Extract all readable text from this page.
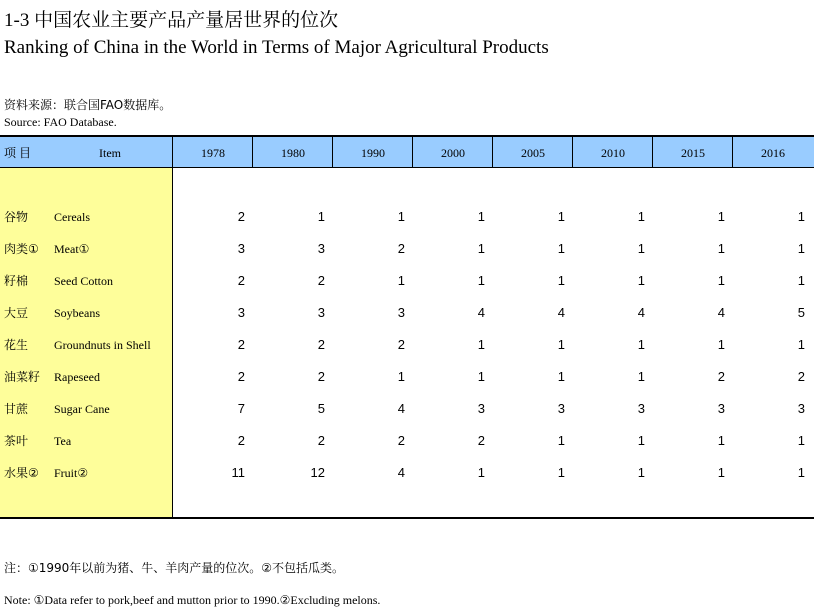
1-3 中国农业主要产品产量居世界的位次
Ranking of China in the World in Terms of Major Agricultural Products
资料来源：联合国FAO数据库。
Source: FAO Database.
项 目	Item	1978	1980	1990	2000	2005	2010	2015	2016
谷物 Cereals	2	1	1	1	1	1	1	1
肉类① Meat①	3	3	2	1	1	1	1	1
籽棉 Seed Cotton	2	2	1	1	1	1	1	1
大豆 Soybeans	3	3	3	4	4	4	4	5
花生 Groundnuts in Shell	2	2	2	1	1	1	1	1
油菜籽 Rapeseed	2	2	1	1	1	1	2	2
甘蔗 Sugar Cane	7	5	4	3	3	3	3	3
茶叶 Tea	2	2	2	2	1	1	1	1
水果② Fruit②	11	12	4	1	1	1	1	1
注：①1990年以前为猪、牛、羊肉产量的位次。②不包括瓜类。
Note: ①Data refer to pork,beef and mutton prior to 1990.②Excluding melons.
